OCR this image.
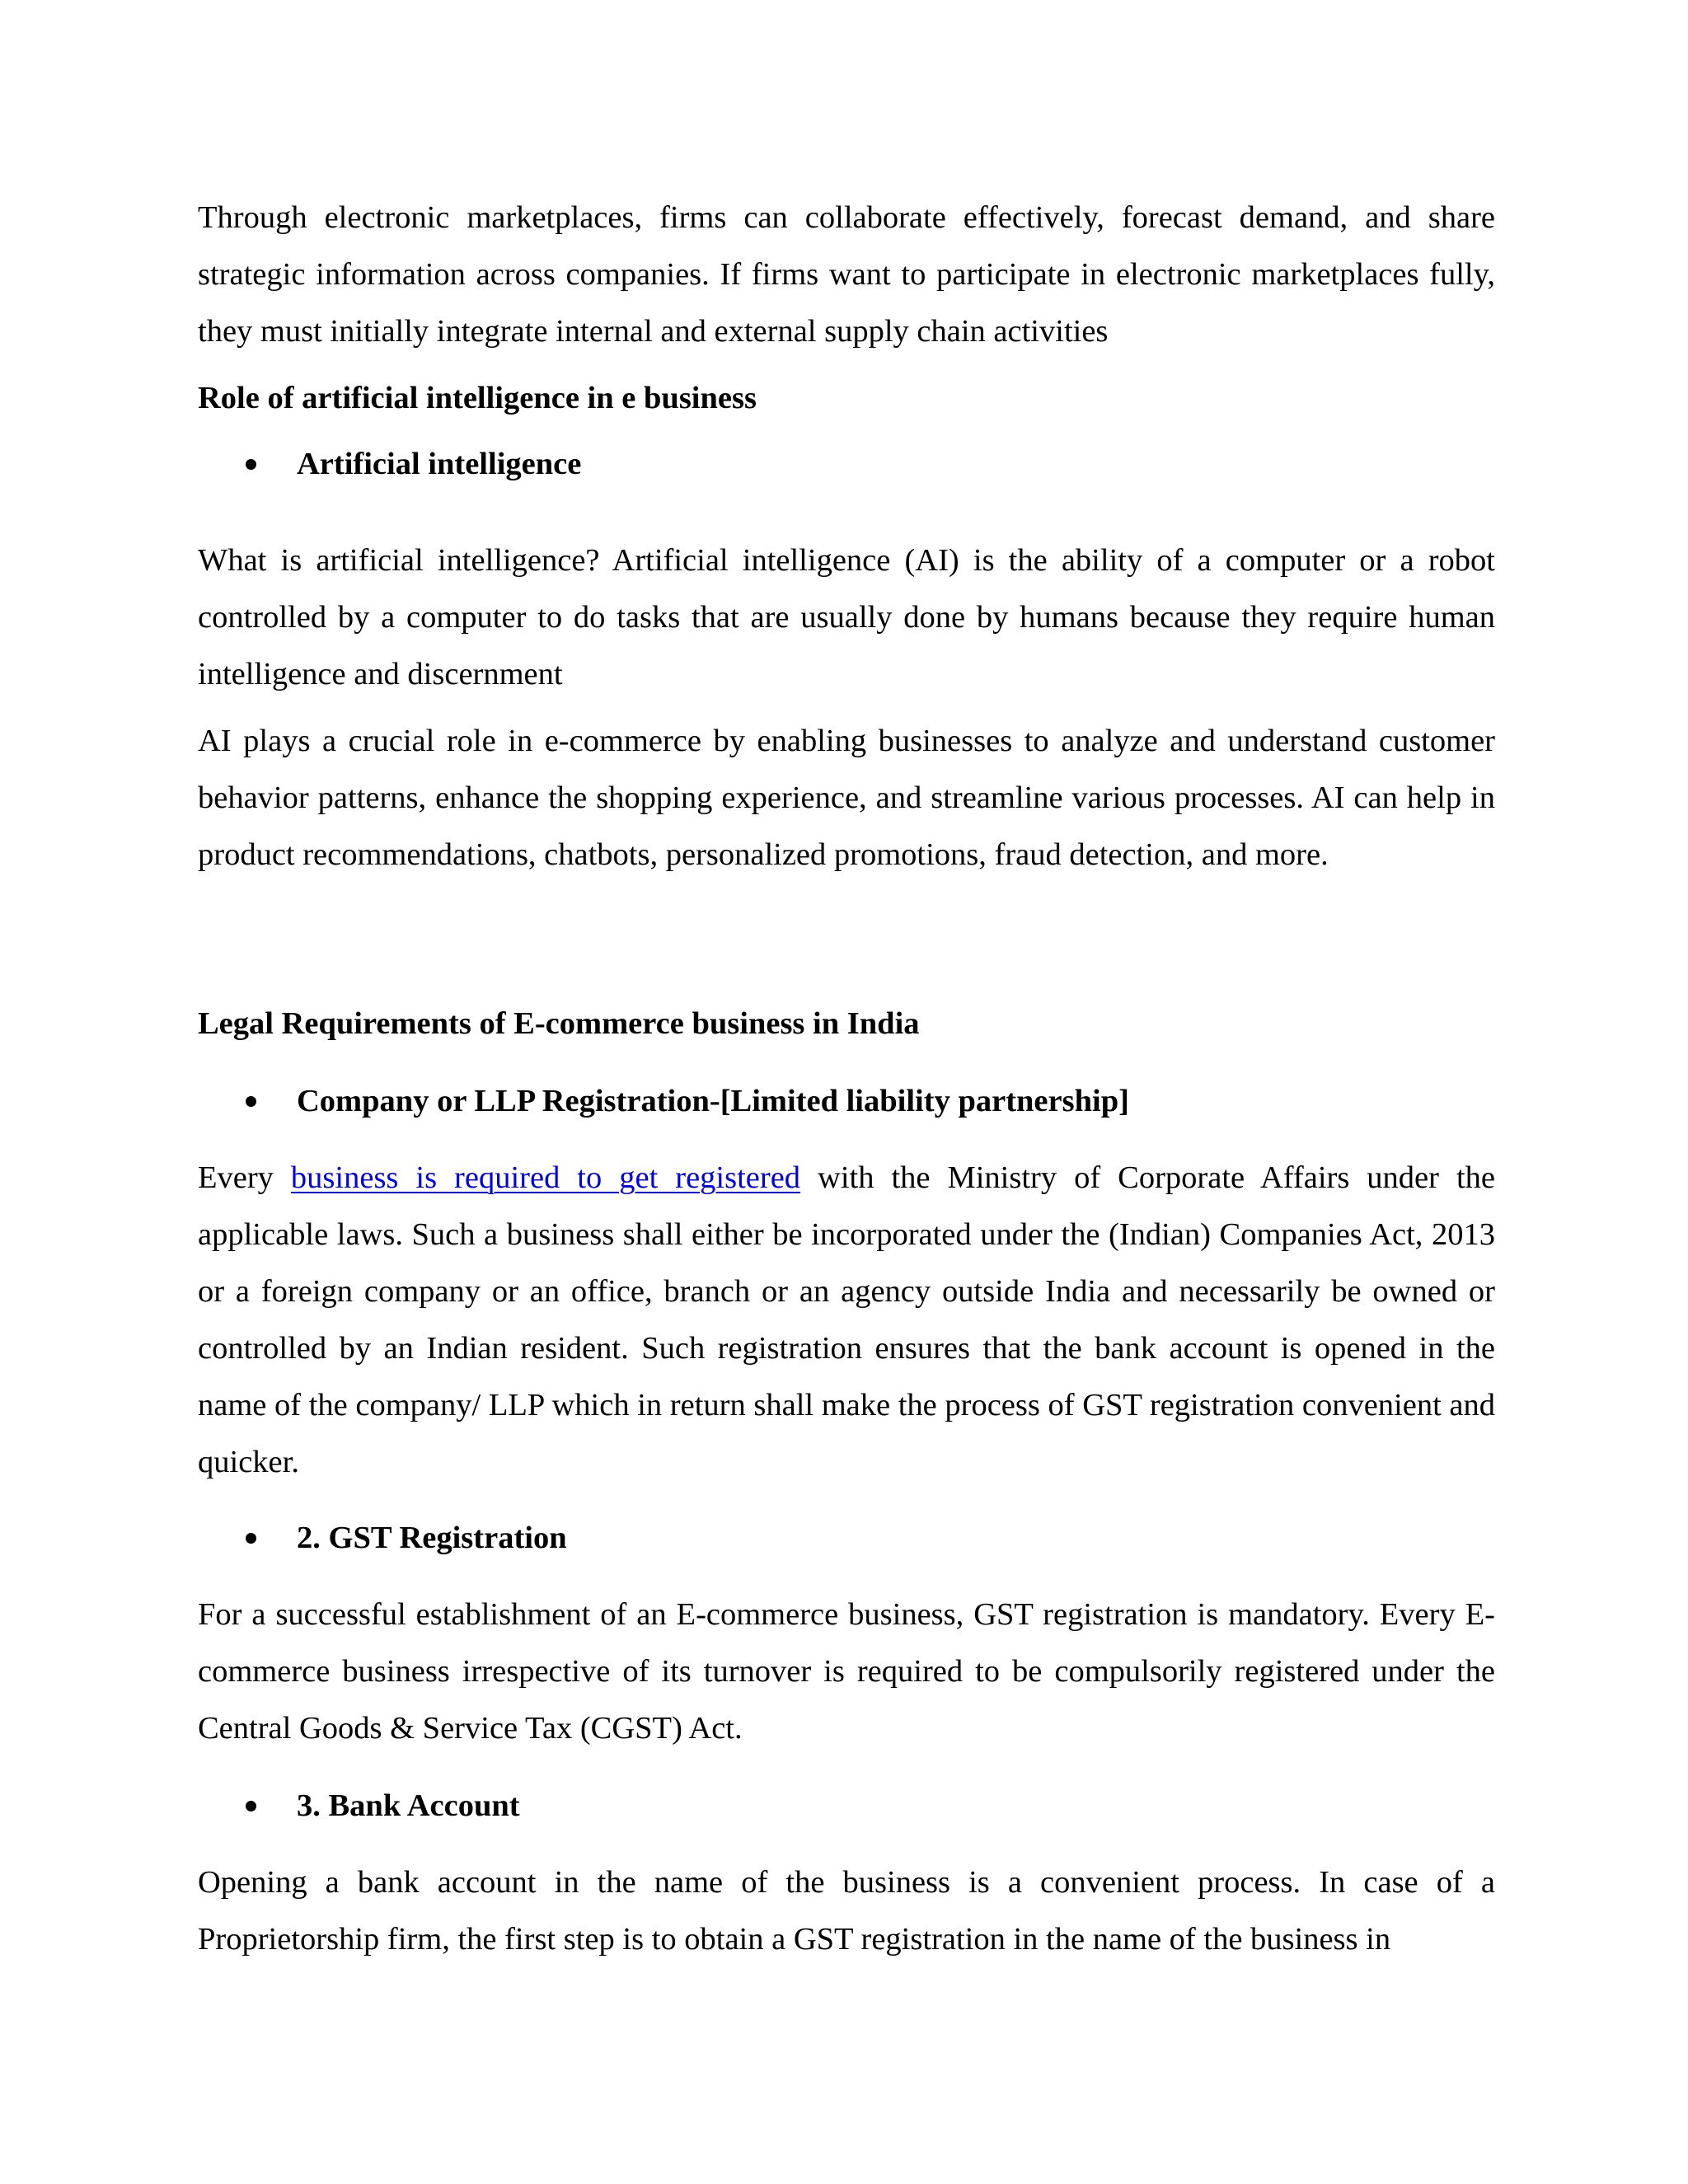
Through electronic marketplaces, firms can collaborate effectively, forecast demand, and share strategic information across companies. If firms want to participate in electronic marketplaces fully, they must initially integrate internal and external supply chain activities

Role of artificial intelligence in e business
Artificial intelligence

What is artificial intelligence? Artificial intelligence (AI) is the ability of a computer or a robot controlled by a computer to do tasks that are usually done by humans because they require human intelligence and discernment

AI plays a crucial role in e-commerce by enabling businesses to analyze and understand customer behavior patterns, enhance the shopping experience, and streamline various processes. AI can help in product recommendations, chatbots, personalized promotions, fraud detection, and more.

Legal Requirements of E-commerce business in India
Company or LLP Registration-[Limited liability partnership]

Every business is required to get registered with the Ministry of Corporate Affairs under the applicable laws. Such a business shall either be incorporated under the (Indian) Companies Act, 2013 or a foreign company or an office, branch or an agency outside India and necessarily be owned or controlled by an Indian resident. Such registration ensures that the bank account is opened in the name of the company/ LLP which in return shall make the process of GST registration convenient and quicker.

2. GST Registration

For a successful establishment of an E-commerce business, GST registration is mandatory. Every E-commerce business irrespective of its turnover is required to be compulsorily registered under the Central Goods & Service Tax (CGST) Act.

3. Bank Account

Opening a bank account in the name of the business is a convenient process. In case of a Proprietorship firm, the first step is to obtain a GST registration in the name of the business in
